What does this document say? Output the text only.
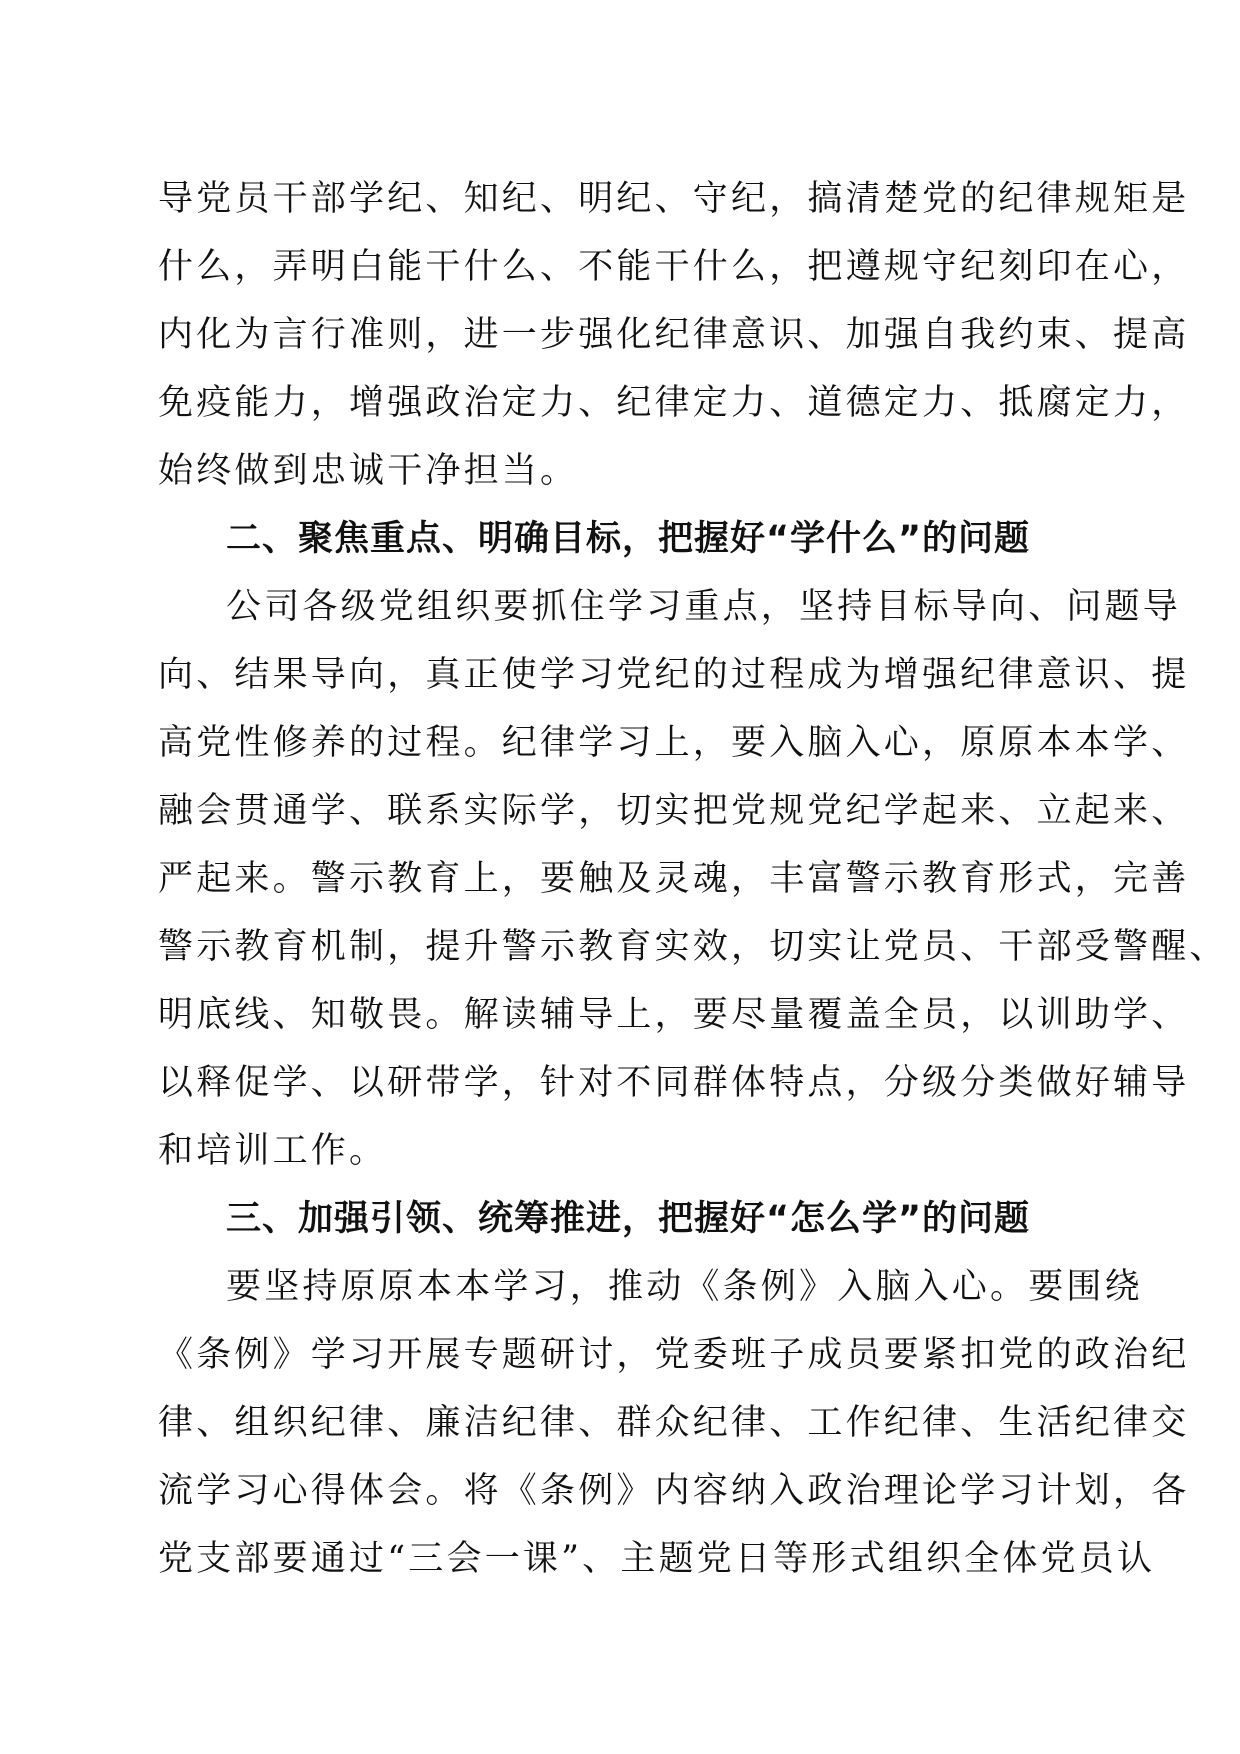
导党员干部学纪、知纪、明纪、守纪，搞清楚党的纪律规矩是
什么，弄明白能干什么、不能干什么，把遵规守纪刻印在心，
内化为言行准则，进一步强化纪律意识、加强自我约束、提高
免疫能力，增强政治定力、纪律定力、道德定力、抵腐定力，
始终做到忠诚干净担当。
二、聚焦重点、明确目标，把握好“学什么”的问题
公司各级党组织要抓住学习重点，坚持目标导向、问题导
向、结果导向，真正使学习党纪的过程成为增强纪律意识、提
高党性修养的过程。纪律学习上，要入脑入心，原原本本学、
融会贯通学、联系实际学，切实把党规党纪学起来、立起来、
严起来。警示教育上，要触及灵魂，丰富警示教育形式，完善
警示教育机制，提升警示教育实效，切实让党员、干部受警醒、
明底线、知敬畏。解读辅导上，要尽量覆盖全员，以训助学、
以释促学、以研带学，针对不同群体特点，分级分类做好辅导
和培训工作。
三、加强引领、统筹推进，把握好“怎么学”的问题
要坚持原原本本学习，推动《条例》入脑入心。要围绕
《条例》学习开展专题研讨，党委班子成员要紧扣党的政治纪
律、组织纪律、廉洁纪律、群众纪律、工作纪律、生活纪律交
流学习心得体会。将《条例》内容纳入政治理论学习计划，各
党支部要通过“三会一课”、主题党日等形式组织全体党员认
